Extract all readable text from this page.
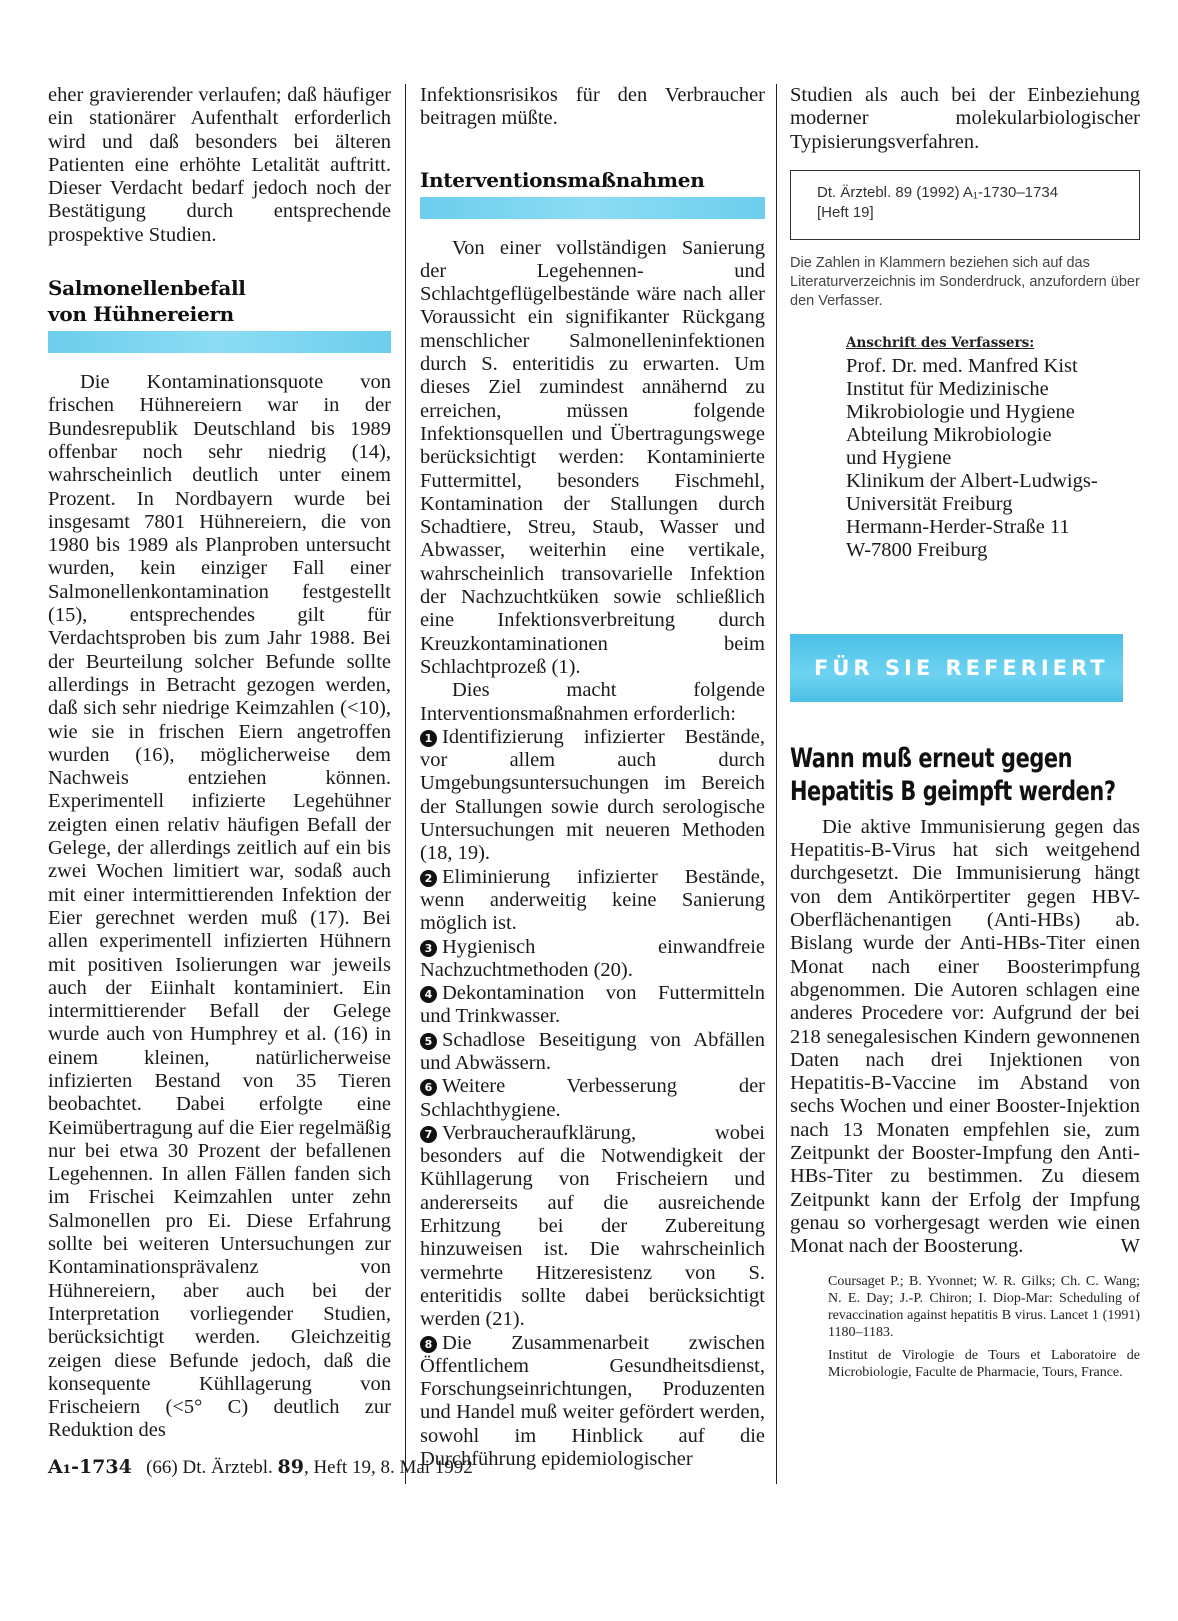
eher gravierender verlaufen; daß häufiger ein stationärer Aufenthalt erforderlich wird und daß besonders bei älteren Patienten eine erhöhte Letalität auftritt. Dieser Verdacht bedarf jedoch noch der Bestätigung durch entsprechende prospektive Studien.

Salmonellenbefall von Hühnereiern

Die Kontaminationsquote von frischen Hühnereiern war in der Bundesrepublik Deutschland bis 1989 offenbar noch sehr niedrig (14), wahrscheinlich deutlich unter einem Prozent. In Nordbayern wurde bei insgesamt 7801 Hühnereiern, die von 1980 bis 1989 als Planproben untersucht wurden, kein einziger Fall einer Salmonellenkontamination festgestellt (15), entsprechendes gilt für Verdachtsproben bis zum Jahr 1988. Bei der Beurteilung solcher Befunde sollte allerdings in Betracht gezogen werden, daß sich sehr niedrige Keimzahlen (<10), wie sie in frischen Eiern angetroffen wurden (16), möglicherweise dem Nachweis entziehen können. Experimentell infizierte Legehühner zeigten einen relativ häufigen Befall der Gelege, der allerdings zeitlich auf ein bis zwei Wochen limitiert war, sodaß auch mit einer intermittierenden Infektion der Eier gerechnet werden muß (17). Bei allen experimentell infizierten Hühnern mit positiven Isolierungen war jeweils auch der Eiinhalt kontaminiert. Ein intermittierender Befall der Gelege wurde auch von Humphrey et al. (16) in einem kleinen, natürlicherweise infizierten Bestand von 35 Tieren beobachtet. Dabei erfolgte eine Keimübertragung auf die Eier regelmäßig nur bei etwa 30 Prozent der befallenen Legehennen. In allen Fällen fanden sich im Frischei Keimzahlen unter zehn Salmonellen pro Ei. Diese Erfahrung sollte bei weiteren Untersuchungen zur Kontaminationsprävalenz von Hühnereiern, aber auch bei der Interpretation vorliegender Studien, berücksichtigt werden. Gleichzeitig zeigen diese Befunde jedoch, daß die konsequente Kühllagerung von Frischeiern (<5° C) deutlich zur Reduktion des

Infektionsrisikos für den Verbraucher beitragen müßte.

Interventionsmaßnahmen

Von einer vollständigen Sanierung der Legehennen- und Schlachtgeflügelbestände wäre nach aller Voraussicht ein signifikanter Rückgang menschlicher Salmonelleninfektionen durch S. enteritidis zu erwarten. Um dieses Ziel zumindest annähernd zu erreichen, müssen folgende Infektionsquellen und Übertragungswege berücksichtigt werden: Kontaminierte Futtermittel, besonders Fischmehl, Kontamination der Stallungen durch Schadtiere, Streu, Staub, Wasser und Abwasser, weiterhin eine vertikale, wahrscheinlich transovarielle Infektion der Nachzuchtküken sowie schließlich eine Infektionsverbreitung durch Kreuzkontaminationen beim Schlachtprozeß (1).

Dies macht folgende Interventionsmaßnahmen erforderlich:

1 Identifizierung infizierter Bestände, vor allem auch durch Umgebungsuntersuchungen im Bereich der Stallungen sowie durch serologische Untersuchungen mit neueren Methoden (18, 19).

2 Eliminierung infizierter Bestände, wenn anderweitig keine Sanierung möglich ist.

3 Hygienisch einwandfreie Nachzuchtmethoden (20).

4 Dekontamination von Futtermitteln und Trinkwasser.

5 Schadlose Beseitigung von Abfällen und Abwässern.

6 Weitere Verbesserung der Schlachthygiene.

7 Verbraucheraufklärung, wobei besonders auf die Notwendigkeit der Kühllagerung von Frischeiern und andererseits auf die ausreichende Erhitzung bei der Zubereitung hinzuweisen ist. Die wahrscheinlich vermehrte Hitzeresistenz von S. enteritidis sollte dabei berücksichtigt werden (21).

8 Die Zusammenarbeit zwischen Öffentlichem Gesundheitsdienst, Forschungseinrichtungen, Produzenten und Handel muß weiter gefördert werden, sowohl im Hinblick auf die Durchführung epidemiologischer

Studien als auch bei der Einbeziehung moderner molekularbiologischer Typisierungsverfahren.

Dt. Ärztebl. 89 (1992) A₁-1730–1734
[Heft 19]
Die Zahlen in Klammern beziehen sich auf das Literaturverzeichnis im Sonderdruck, anzufordern über den Verfasser.
Anschrift des Verfassers:
Prof. Dr. med. Manfred Kist
Institut für Medizinische
Mikrobiologie und Hygiene
Abteilung Mikrobiologie
und Hygiene
Klinikum der Albert-Ludwigs-
Universität Freiburg
Hermann-Herder-Straße 11
W-7800 Freiburg
FÜR SIE REFERIERT
Wann muß erneut gegen
Hepatitis B geimpft werden?

Die aktive Immunisierung gegen das Hepatitis-B-Virus hat sich weitgehend durchgesetzt. Die Immunisierung hängt von dem Antikörpertiter gegen HBV-Oberflächenantigen (Anti-HBs) ab. Bislang wurde der Anti-HBs-Titer einen Monat nach einer Boosterimpfung abgenommen. Die Autoren schlagen eine anderes Procedere vor: Aufgrund der bei 218 senegalesischen Kindern gewonnenen Daten nach drei Injektionen von Hepatitis-B-Vaccine im Abstand von sechs Wochen und einer Booster-Injektion nach 13 Monaten empfehlen sie, zum Zeitpunkt der Booster-Impfung den Anti-HBs-Titer zu bestimmen. Zu diesem Zeitpunkt kann der Erfolg der Impfung genau so vorhergesagt werden wie einen Monat nach der Boosterung.	W

Coursaget P.; B. Yvonnet; W. R. Gilks; Ch. C. Wang; N. E. Day; J.-P. Chiron; I. Diop-Mar: Scheduling of revaccination against hepatitis B virus. Lancet 1 (1991) 1180–1183.

Institut de Virologie de Tours et Laboratoire de Microbiologie, Faculte de Pharmacie, Tours, France.

A₁-1734 (66) Dt. Ärztebl. 89, Heft 19, 8. Mai 1992
